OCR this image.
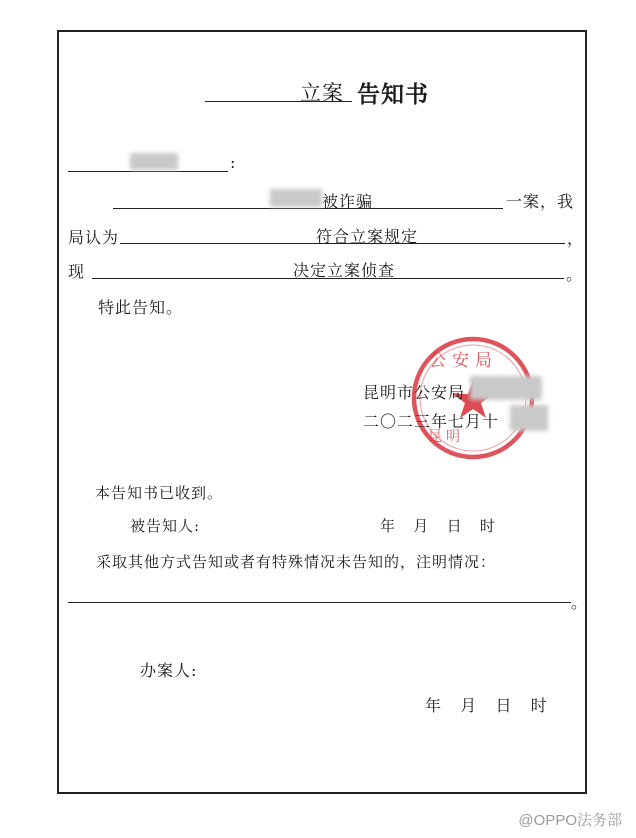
立案 告知书
:
被诈骗	一案，我
局认为	符合立案规定	，
现	决定立案侦查	。
特此告知。
公安局
昆明
昆明市公安局
二〇二三年七月十
本告知书已收到。
被告知人:	年   月   日   时
采取其他方式告知或者有特殊情况未告知的，注明情况：
。
办案人:
年   月   日   时
@OPPO法务部
